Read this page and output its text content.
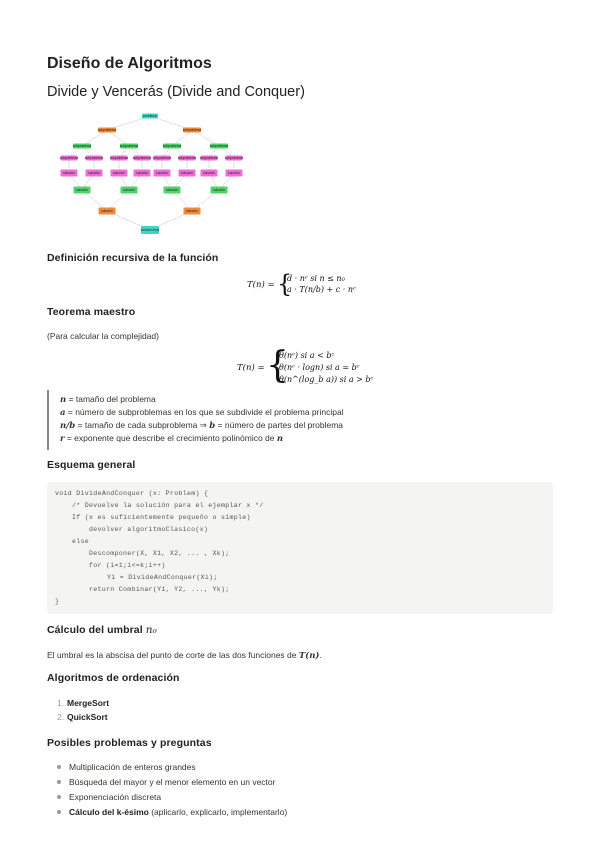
Diseño de Algoritmos
Divide y Vencerás (Divide and Conquer)
problema
subproblema	subproblema
subproblema	subproblema	subproblema	subproblema
subproblema subproblema subproblema subproblema subproblema subproblema subproblema subproblema
solución	solución	solución	solución	solución	solución	solución	solución
solución	solución	solución	solución
solución	solución
solución final
Definición recursiva de la función
T(n) = {
d · nᶜ si n ≤ n₀
a · T(n/b) + c · nᶜ
Teorema maestro
(Para calcular la complejidad)
T(n) = {
θ(nᶜ) si a < bᶜ
θ(nᶜ · logn) si a = bᶜ
θ(n^(log_b a)) si a > bᶜ
n = tamaño del problema
a = número de subproblemas en los que se subdivide el problema principal
n/b = tamaño de cada subproblema ⇒ b = número de partes del problema
r = exponente que describe el crecimiento polinómico de n
Esquema general
void DivideAndConquer (x: Problem) {
/* Devuelve la solución para el ejemplar x */
If (x es suficientemente pequeño o simple)
devolver algoritmoClasico(x)
else
Descomponer(X, X1, X2, ... , Xk);
for (i=1;i<=k;i++)
Yi = DivideAndConquer(Xi);
return Combinar(Y1, Y2, ..., Yk);
}
Cálculo del umbral n₀
El umbral es la abscisa del punto de corte de las dos funciones de T(n).
Algoritmos de ordenación
1. MergeSort
2. QuickSort
Posibles problemas y preguntas
Multiplicación de enteros grandes
Búsqueda del mayor y el menor elemento en un vector
Exponenciación discreta
Cálculo del k-ésimo (aplicarlo, explicarlo, implementarlo)
